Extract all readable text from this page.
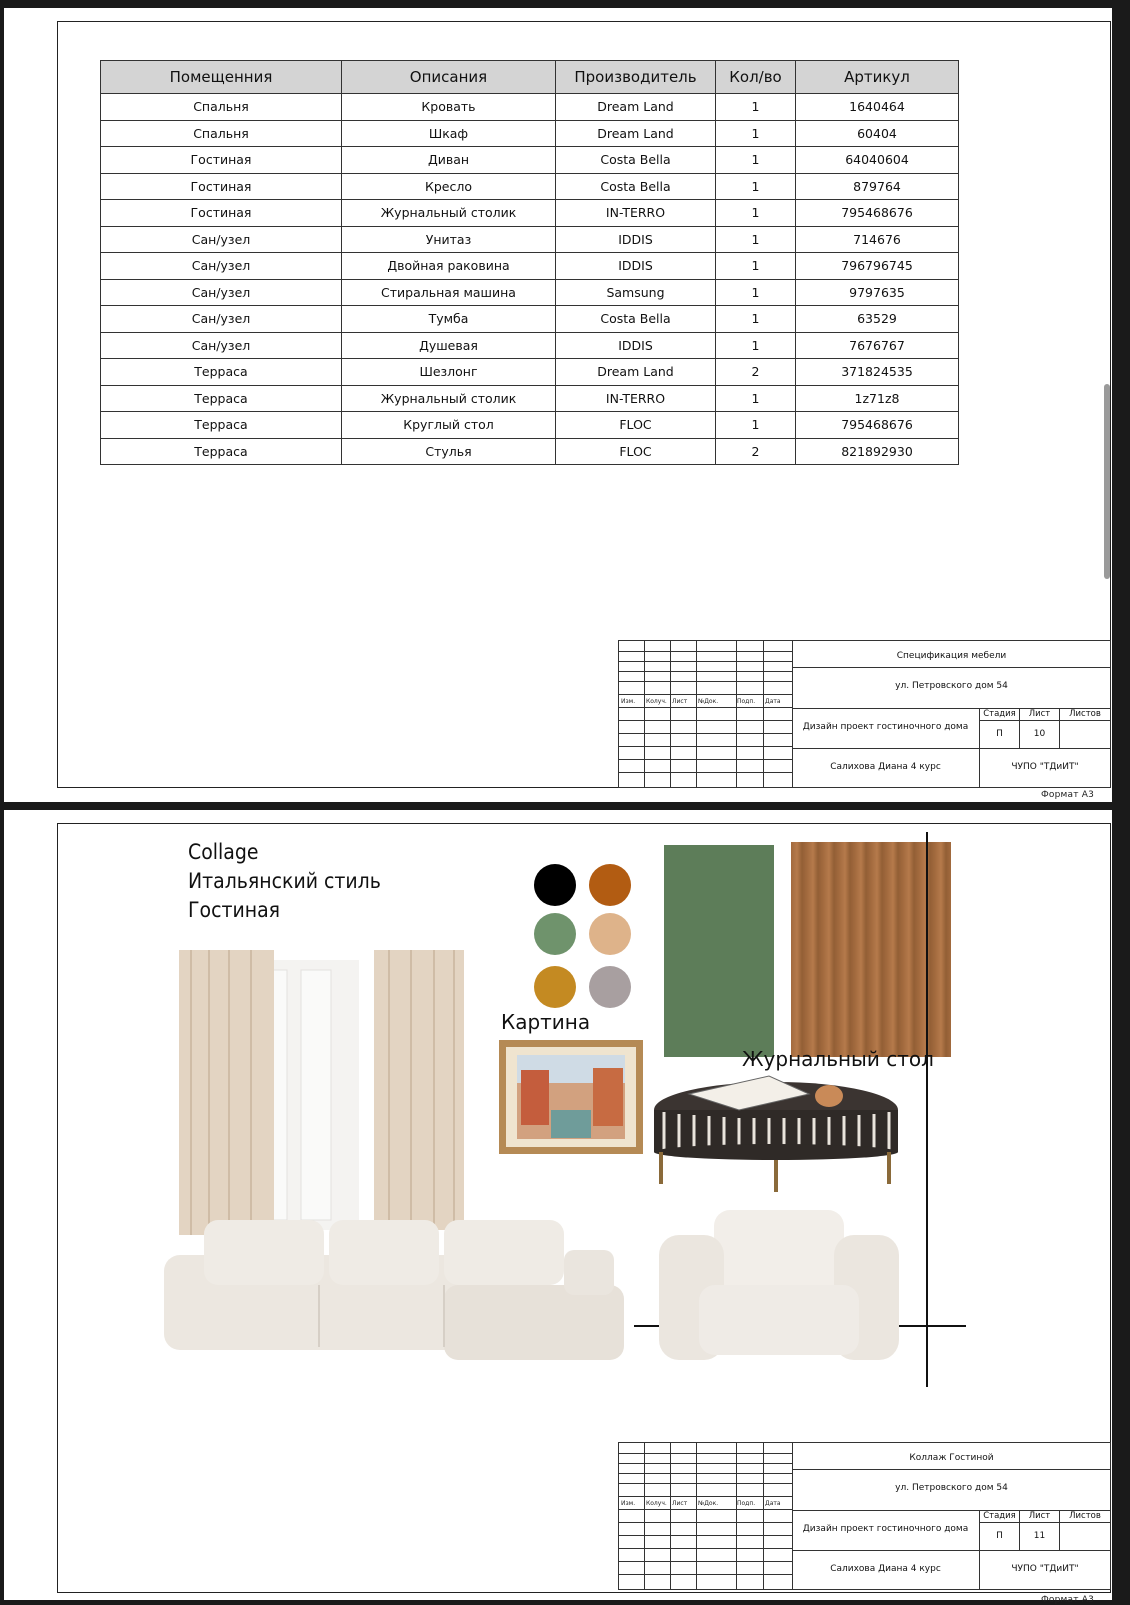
Помещенния	Описания	Производитель	Кол/во	Артикул
Спальня	Кровать	Dream Land	1	1640464
Спальня	Шкаф	Dream Land	1	60404
Гостиная	Диван	Costa Bella	1	64040604
Гостиная	Кресло	Costa Bella	1	879764
Гостиная	Журнальный столик	IN-TERRO	1	795468676
Сан/узел	Унитаз	IDDIS	1	714676
Сан/узел	Двойная раковина	IDDIS	1	796796745
Сан/узел	Стиральная машина	Samsung	1	9797635
Сан/узел	Тумба	Costa Bella	1	63529
Сан/узел	Душевая	IDDIS	1	7676767
Терраса	Шезлонг	Dream Land	2	371824535
Терраса	Журнальный столик	IN-TERRO	1	1z71z8
Терраса	Круглый стол	FLOC	1	795468676
Терраса	Стулья	FLOC	2	821892930
Изм. Колуч. Лист №Док.	Подп. Дата
Спецификация мебели
ул. Петровского дом 54
Дизайн проект гостиночного дома
Стадия	Лист	Листов
П	10
Салихова Диана 4 курс	ЧУПО "ТДиИТ"
Формат А3
Collage
Итальянский стиль
Гостиная
Картина
Журнальный стол
Изм. Колуч. Лист №Док.	Подп. Дата
Коллаж Гостиной
ул. Петровского дом 54
Дизайн проект гостиночного дома
Стадия	Лист	Листов
П	11
Салихова Диана 4 курс	ЧУПО "ТДиИТ"
Формат А3
